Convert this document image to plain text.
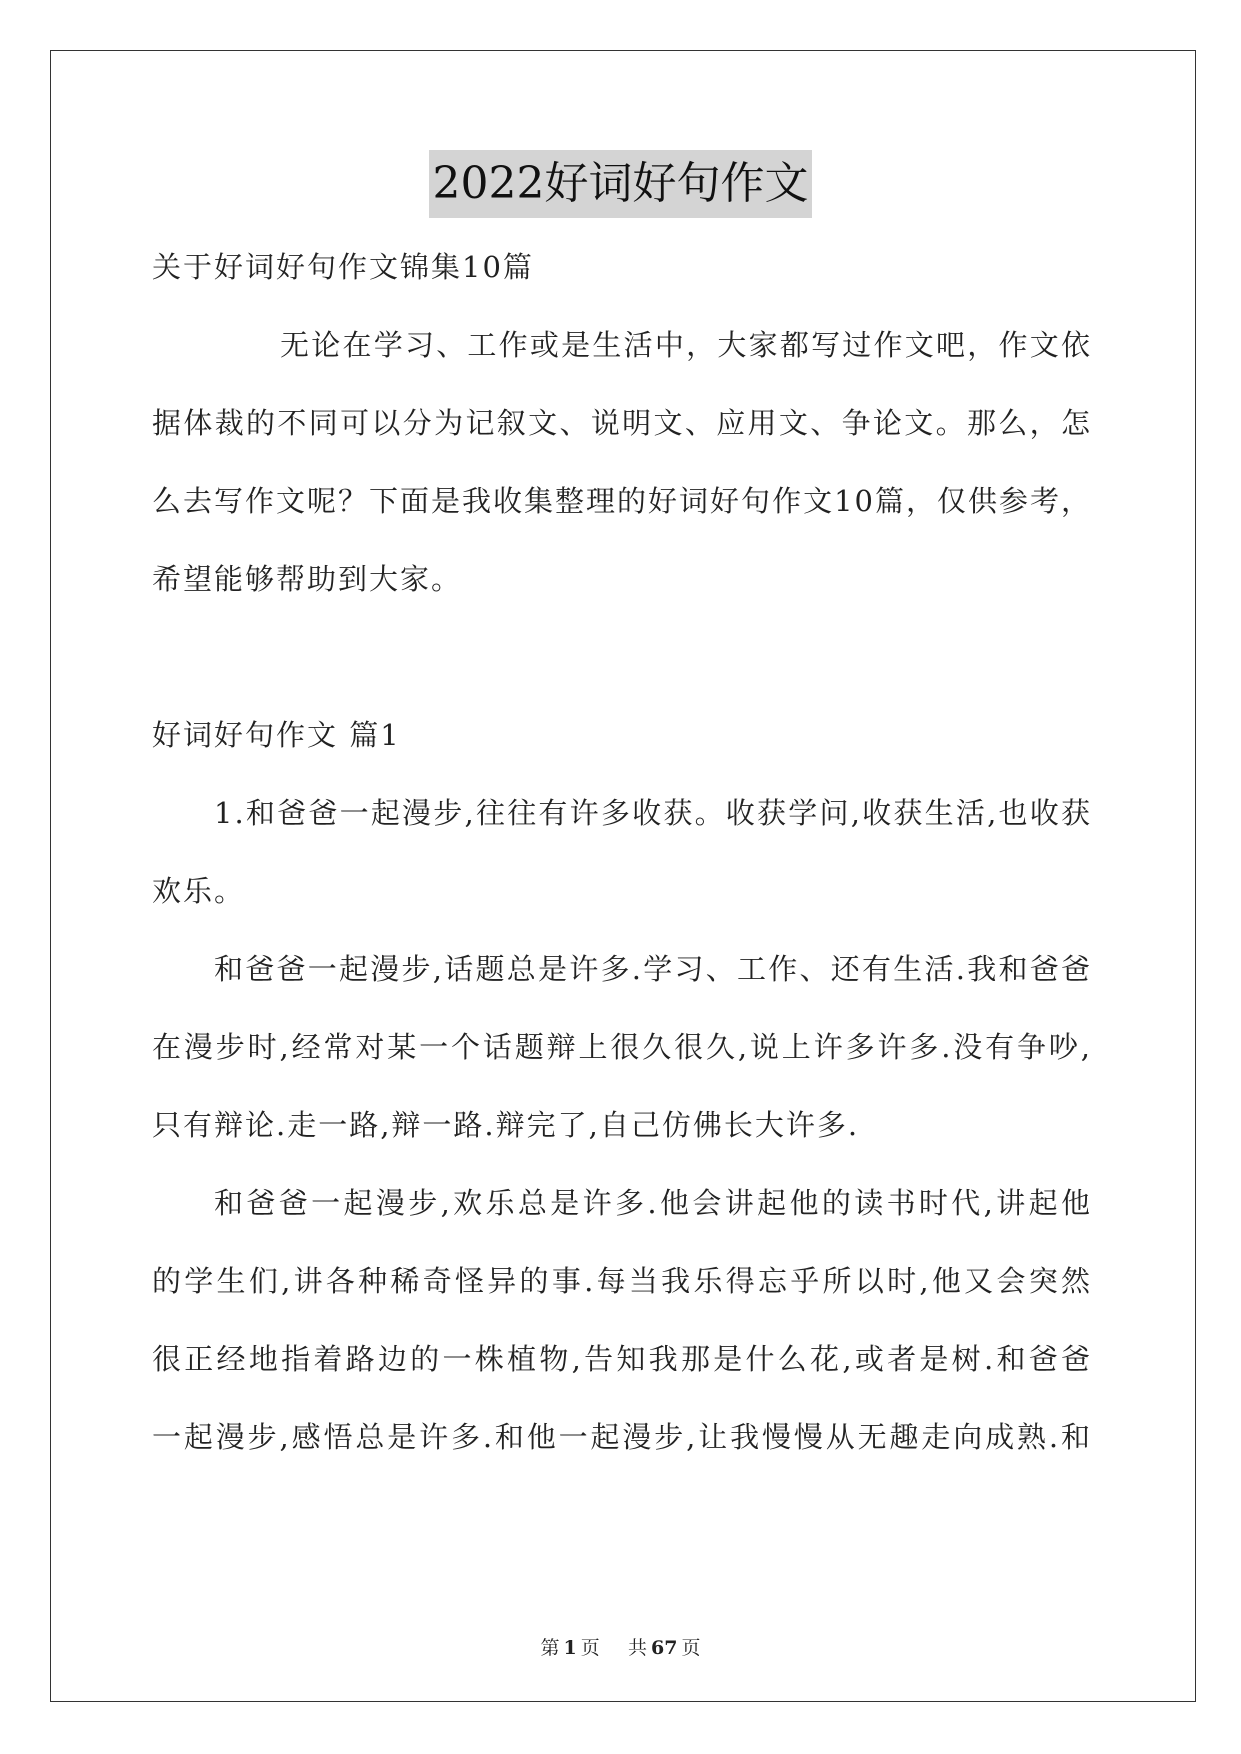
2022好词好句作文
关于好词好句作文锦集10篇
无论在学习、工作或是生活中，大家都写过作文吧，作文依
据体裁的不同可以分为记叙文、说明文、应用文、争论文。那么，怎
么去写作文呢？下面是我收集整理的好词好句作文10篇，仅供参考，
希望能够帮助到大家。
好词好句作文 篇1
1.和爸爸一起漫步,往往有许多收获。收获学问,收获生活,也收获
欢乐。
和爸爸一起漫步,话题总是许多.学习、工作、还有生活.我和爸爸
在漫步时,经常对某一个话题辩上很久很久,说上许多许多.没有争吵,
只有辩论.走一路,辩一路.辩完了,自己仿佛长大许多.
和爸爸一起漫步,欢乐总是许多.他会讲起他的读书时代,讲起他
的学生们,讲各种稀奇怪异的事.每当我乐得忘乎所以时,他又会突然
很正经地指着路边的一株植物,告知我那是什么花,或者是树.和爸爸
一起漫步,感悟总是许多.和他一起漫步,让我慢慢从无趣走向成熟.和
第 1 页 共 67 页
